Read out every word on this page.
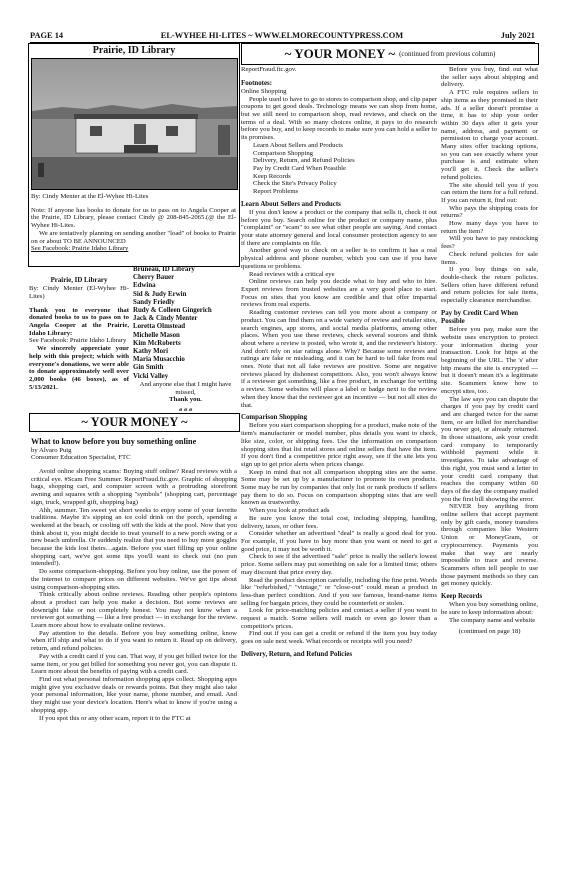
PAGE 14	EL-WYHEE HI-LITES ~ WWW.ELMORECOUNTYPRESS.COM	July 2021
Prairie, ID Library

By: Cindy Menter at the El-Wyhee Hi-Lites

Note: If anyone has books to donate for us to pass on to Angela Cooper at the Prairie, ID Library, please contact Cindy @ 208-845-2065.(@ the El-Wyhee Hi-Lites.

We are tentatively planning on sending another "load" of books to Prairie on or about TO BE ANNOUNCED

See Facebook: Prairie Idaho Library

Prairie, ID Library

By: Cindy Menter (El-Wyhee Hi-Lites)

Thank you to everyone that donated books to us to pass on to Angela Cooper at the Prairie, Idaho Library:

See Facebook: Prairie Idaho Library

We sincerely appreciate your help with this project; which with everyone's donations, we were able to donate approximately well over 2,000 books (46 boxes), as of 5/13/2021.

Bruneau, ID Library

Cherry Bauer

Edwina

Sid & Judy Erwin

Sandy Friedly

Rudy & Colleen Gingerich

Jack & Cindy Menter

Loretta Olmstead

Michelle Mason

Kim McRoberts

Kathy Mori

Maria Musacchio

Gin Smith

Vicki Valley

And anyone else that I might have missed,

Thank you.

# # #

~ YOUR MONEY ~

What to know before you buy something online

by Alvaro Puig

Consumer Education Specialist, FTC

Avoid online shopping scams: Buying stuff online? Read reviews with a critical eye. #Scam Free Summer. ReportFraud.ftc.gov. Graphic of shopping bags, shopping cart, and computer screen with a protruding storefront awning and squares with a shopping "symbols" (shopping cart, percentage sign, truck, wrapped gift, shopping bag)

Ahh, summer. Ten sweet yet short weeks to enjoy some of your favorite traditions. Maybe it's sipping an ice cold drink on the porch, spending a weekend at the beach, or cooling off with the kids at the pool. Now that you think about it, you might decide to treat yourself to a new porch swing or a new beach umbrella. Or suddenly realize that you need to buy more goggles because the kids lost theirs…again. Before you start filling up your online shopping cart, we've got some tips you'll want to check out (no pun intended!).

Do some comparison-shopping. Before you buy online, use the power of the internet to compare prices on different websites. We've got tips about using comparison-shopping sites.

Think critically about online reviews. Reading other people's opinions about a product can help you make a decision. But some reviews are downright fake or not completely honest. You may not know when a reviewer got something — like a free product — in exchange for the review. Learn more about how to evaluate online reviews.

Pay attention to the details. Before you buy something online, know when it'll ship and what to do if you want to return it. Read up on delivery, return, and refund policies.

Pay with a credit card if you can. That way, if you get billed twice for the same item, or you get billed for something you never got, you can dispute it. Learn more about the benefits of paying with a credit card.

Find out what personal information shopping apps collect. Shopping apps might give you exclusive deals or rewards points. But they might also take your personal information, like your name, phone number, and email. And they might use your device's location. Here's what to know if you're using a shopping app.

If you spot this or any other scam, report it to the FTC at

~ YOUR MONEY ~ (continued from previous column)

ReportFraud.ftc.gov.

Footnotes:

Online Shopping

People used to have to go to stores to comparison shop, and clip paper coupons to get good deals. Technology means we can shop from home, but we still need to comparison shop, read reviews, and check on the terms of a deal. With so many choices online, it pays to do research before you buy, and to keep records to make sure you can hold a seller to its promises.

Learn About Sellers and Products

Comparison Shopping

Delivery, Return, and Refund Policies

Pay by Credit Card When Possible

Keep Records

Check the Site's Privacy Policy

Report Problems

Learn About Sellers and Products

If you don't know a product or the company that sells it, check it out before you buy. Search online for the product or company name, plus "complaint" or "scam" to see what other people are saying. And contact your state attorney general and local consumer protection agency to see if there are complaints on file.

Another good way to check on a seller is to confirm it has a real physical address and phone number, which you can use if you have questions or problems.

Read reviews with a critical eye

Online reviews can help you decide what to buy and who to hire. Expert reviews from trusted websites are a very good place to start. Focus on sites that you know are credible and that offer impartial reviews from real experts.

Reading customer reviews can tell you more about a company or product. You can find them on a wide variety of review and retailer sites, search engines, app stores, and social media platforms, among other places. When you use these reviews, check several sources and think about where a review is posted, who wrote it, and the reviewer's history. And don't rely on star ratings alone. Why? Because some reviews and ratings are fake or misleading, and it can be hard to tell fake from real ones. Note that not all fake reviews are positive. Some are negative reviews placed by dishonest competitors. Also, you won't always know if a reviewer got something, like a free product, in exchange for writing a review. Some websites will place a label or badge next to the review when they know that the reviewer got an incentive — but not all sites do that.

Comparison Shopping

Before you start comparison shopping for a product, make note of the item's manufacturer or model number, plus details you want to check, like size, color, or shipping fees. Use the information on comparison shopping sites that list retail stores and online sellers that have the item. If you don't find a competitive price right away, see if the site lets you sign up to get price alerts when prices change.

Keep in mind that not all comparison shopping sites are the same. Some may be set up by a manufacturer to promote its own products. Some may be run by companies that only list or rank products if sellers pay them to do so. Focus on comparison shopping sites that are well known as trustworthy.

When you look at product ads

Be sure you know the total cost, including shipping, handling, delivery, taxes, or other fees.

Consider whether an advertised "deal" is really a good deal for you. For example, if you have to buy more than you want or need to get a good price, it may not be worth it.

Check to see if the advertised "sale" price is really the seller's lowest price. Some sellers may put something on sale for a limited time; others may discount that price every day.

Read the product description carefully, including the fine print. Words like "refurbished," "vintage," or "close-out" could mean a product in less-than perfect condition. And if you see famous, brand-name items selling for bargain prices, they could be counterfeit or stolen.

Look for price-matching policies and contact a seller if you want to request a match. Some sellers will match or even go lower than a competitor's prices.

Find out if you can get a credit or refund if the item you buy today goes on sale next week. What records or receipts will you need?

Delivery, Return, and Refund Policies

Before you buy, find out what the seller says about shipping and delivery.

A FTC rule requires sellers to ship items as they promised in their ads. If a seller doesn't promise a time, it has to ship your order within 30 days after it gets your name, address, and payment or permission to charge your account. Many sites offer tracking options, so you can see exactly where your purchase is and estimate when you'll get it. Check the seller's refund policies.

The site should tell you if you can return the item for a full refund. If you can return it, find out:

Who pays the shipping costs for returns?

How many days you have to return the item?

Will you have to pay restocking fees?

Check refund policies for sale items.

If you buy things on sale, double-check the return policies. Sellers often have different refund and return policies for sale items, especially clearance merchandise.

Pay by Credit Card When Possible

Before you pay, make sure the website uses encryption to protect your information during your transaction. Look for https at the beginning of the URL. The 's' after http means the site is encrypted — but it doesn't mean it's a legitimate site. Scammers know how to encrypt sites, too.

The law says you can dispute the charges if you pay by credit card and are charged twice for the same item, or are billed for merchandise you never got, or already returned. In those situations, ask your credit card company to temporarily withhold payment while it investigates. To take advantage of this right, you must send a letter to your credit card company that reaches the company within 60 days of the day the company mailed you the first bill showing the error.

NEVER buy anything from online sellers that accept payment only by gift cards, money transfers through companies like Western Union or MoneyGram, or cryptocurrency. Payments you make that way are nearly impossible to trace and reverse. Scammers often tell people to use those payment methods so they can get money quickly.

Keep Records

When you buy something online, be sure to keep information about:

The company name and website

(continued on page 18)
